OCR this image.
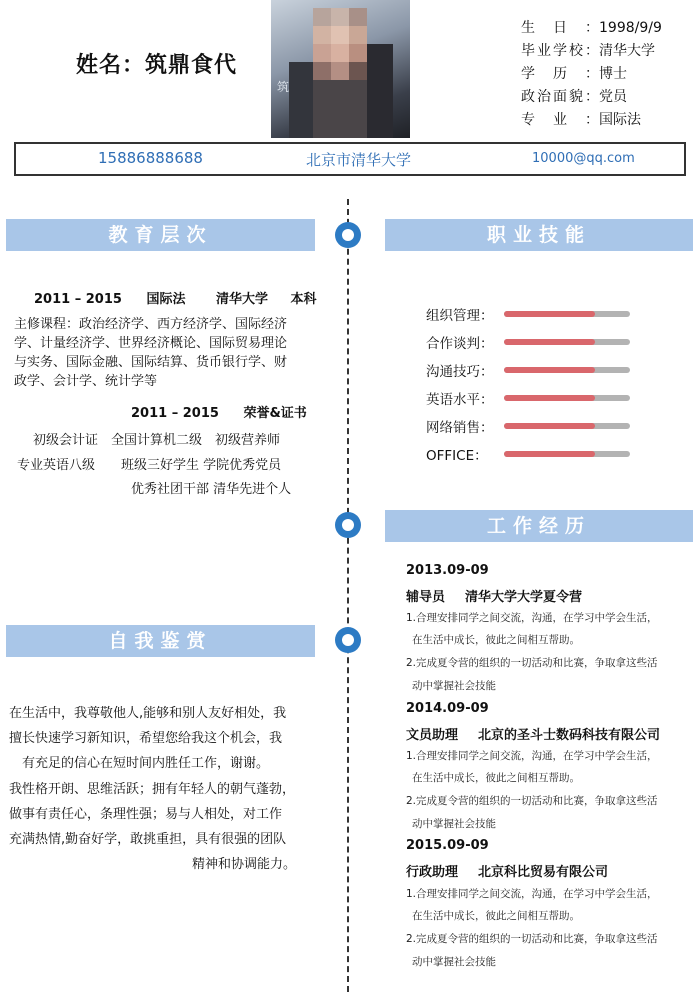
姓名：筑鼎食代
筑
生日：1998/9/9
毕业学校：清华大学
学历：博士
政治面貌：党员
专业：国际法
15886888688	北京市清华大学	10000@qq.com
教育层次	职业技能
工作经历
自我鉴赏
2011 – 2015 国际法 清华大学 本科
主修课程：政治经济学、西方经济学、国际经济
学、计量经济学、世界经济概论、国际贸易理论
与实务、国际金融、国际结算、货币银行学、财
政学、会计学、统计学等
2011 – 2015 荣誉&证书
初级会计证　全国计算机二级　初级营养师
专业英语八级　　班级三好学生 学院优秀党员
优秀社团干部 清华先进个人
组织管理：
合作谈判：
沟通技巧：
英语水平：
网络销售：
OFFICE：
2013.09-09
辅导员 清华大学大学夏令营
1.合理安排同学之间交流，沟通，在学习中学会生活，
在生活中成长，彼此之间相互帮助。
2.完成夏令营的组织的一切活动和比赛，争取拿这些活
动中掌握社会技能
2014.09-09
文员助理 北京的圣斗士数码科技有限公司
1.合理安排同学之间交流，沟通，在学习中学会生活，
在生活中成长，彼此之间相互帮助。
2.完成夏令营的组织的一切活动和比赛，争取拿这些活
动中掌握社会技能
2015.09-09
行政助理 北京科比贸易有限公司
1.合理安排同学之间交流，沟通，在学习中学会生活，
在生活中成长，彼此之间相互帮助。
2.完成夏令营的组织的一切活动和比赛，争取拿这些活
动中掌握社会技能
在生活中，我尊敬他人,能够和别人友好相处，我
擅长快速学习新知识，希望您给我这个机会，我
有充足的信心在短时间内胜任工作，谢谢。
我性格开朗、思维活跃；拥有年轻人的朝气蓬勃，
做事有责任心，条理性强；易与人相处，对工作
充满热情,勤奋好学，敢挑重担，具有很强的团队
精神和协调能力。
